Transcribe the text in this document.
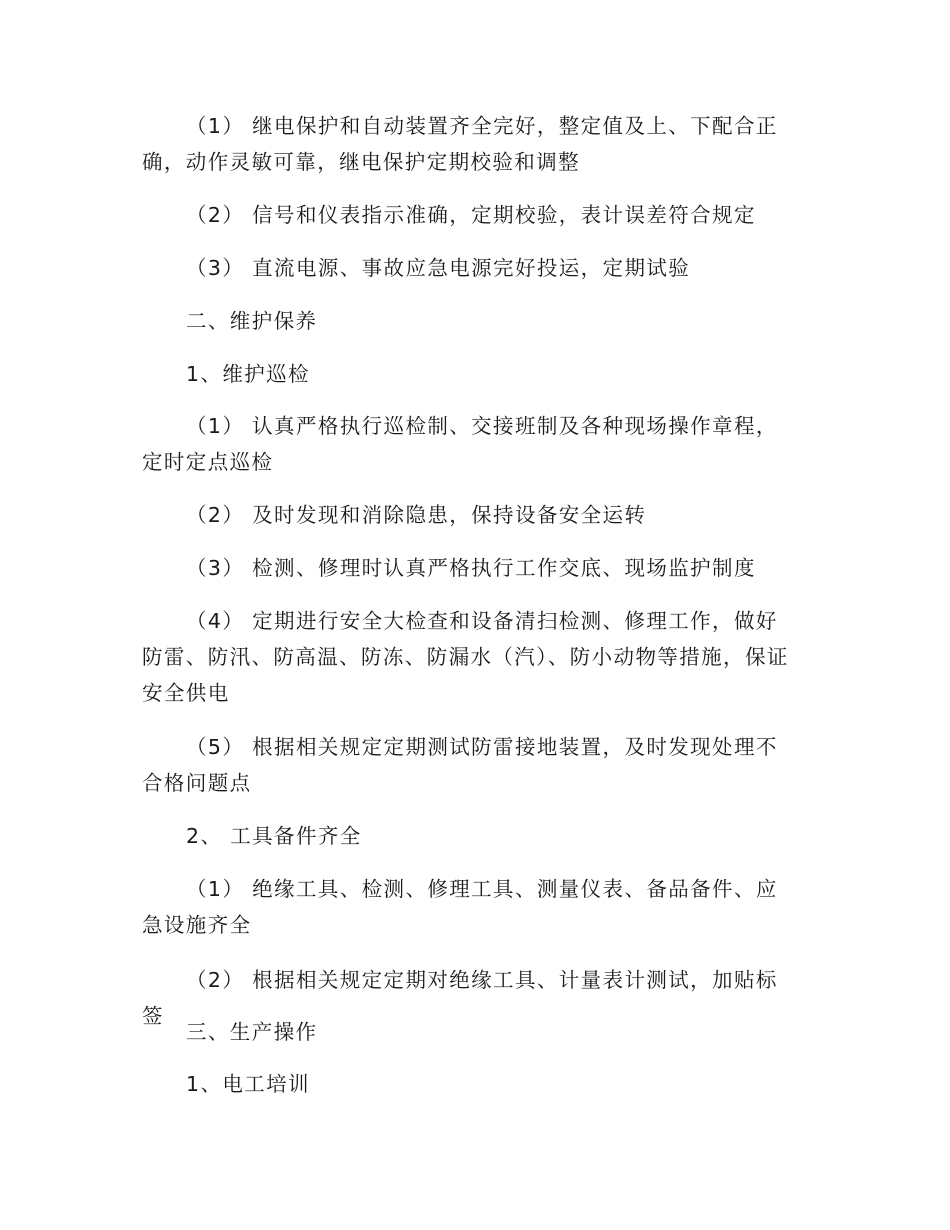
（1） 继电保护和自动装置齐全完好，整定值及上、下配合正确，动作灵敏可靠，继电保护定期校验和调整

（2） 信号和仪表指示准确，定期校验，表计误差符合规定

（3） 直流电源、事故应急电源完好投运，定期试验

二、维护保养

1、维护巡检

（1） 认真严格执行巡检制、交接班制及各种现场操作章程，定时定点巡检

（2） 及时发现和消除隐患，保持设备安全运转

（3） 检测、修理时认真严格执行工作交底、现场监护制度

（4） 定期进行安全大检查和设备清扫检测、修理工作，做好防雷、防汛、防高温、防冻、防漏水（汽）、防小动物等措施，保证安全供电

（5） 根据相关规定定期测试防雷接地装置，及时发现处理不合格问题点

2、 工具备件齐全

（1） 绝缘工具、检测、修理工具、测量仪表、备品备件、应急设施齐全

（2） 根据相关规定定期对绝缘工具、计量表计测试，加贴标签

三、生产操作

1、电工培训
